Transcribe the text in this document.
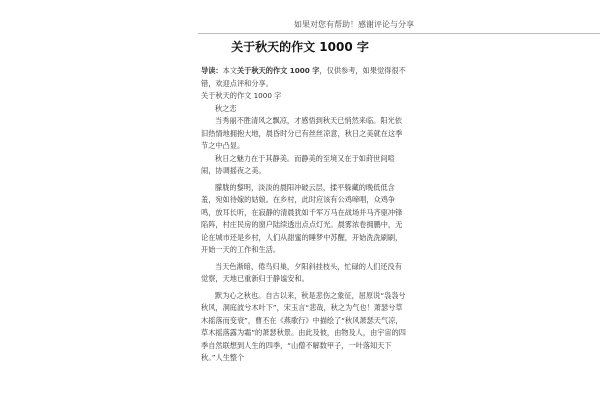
如果对您有帮助！感谢评论与分享
关于秋天的作文 1000 字

导读：本文关于秋天的作文 1000 字，仅供参考，如果觉得很不错，欢迎点评和分享。

关于秋天的作文 1000 字

秋之恋

当秀丽不胜清风之飘凉，才感悟到秋天已悄然来临。阳光依旧热情地拥抱大地，晨昏时分已有丝丝凉意，秋日之美就在这季节之中凸显。

秋日之魅力在于其静美。而静美的至境又在于如莳世间喧闹，协调摇夜之美。

朦胧的黎明，淡淡的晨阳冲破云层，揉平躲藏的晚低低含羞，宛如待嫁的姑娘。在乡村，此时应该有公鸡啼唱，众鸡争鸣，放耳长听，在寂静的清晨犹如千军万马在战场并马齐驱冲锋陷阵，村庄民房的窗户陆续透出点点灯光。晨雾浓卷拥鹏中，无论在城市还是乡村，人们从甜蜜的睡梦中苏醒，开始洗洗刷刷，开始一天的工作和生活。

当天色渐暗，倦鸟归巢，夕阳斜挂枝头，忙碌的人们还没有觉察，天地已重新归于静谧安和。

默为心之秋也。自古以来，秋是悲伤之象征，屈原说“袅袅兮秋风，洞庭波兮木叶下”，宋玉言“悲哉，秋之为气也！萧瑟兮草木摇落而变衰”，曹丕在《燕歌行》中描绘了“秋风萧瑟天气凉，草木摇落露为霜”的萧瑟秋景。由此及彼，由物及人，由宇宙的四季自然联想到人生的四季，“山僧不解数甲子，一叶落知天下秋。”人生整个
